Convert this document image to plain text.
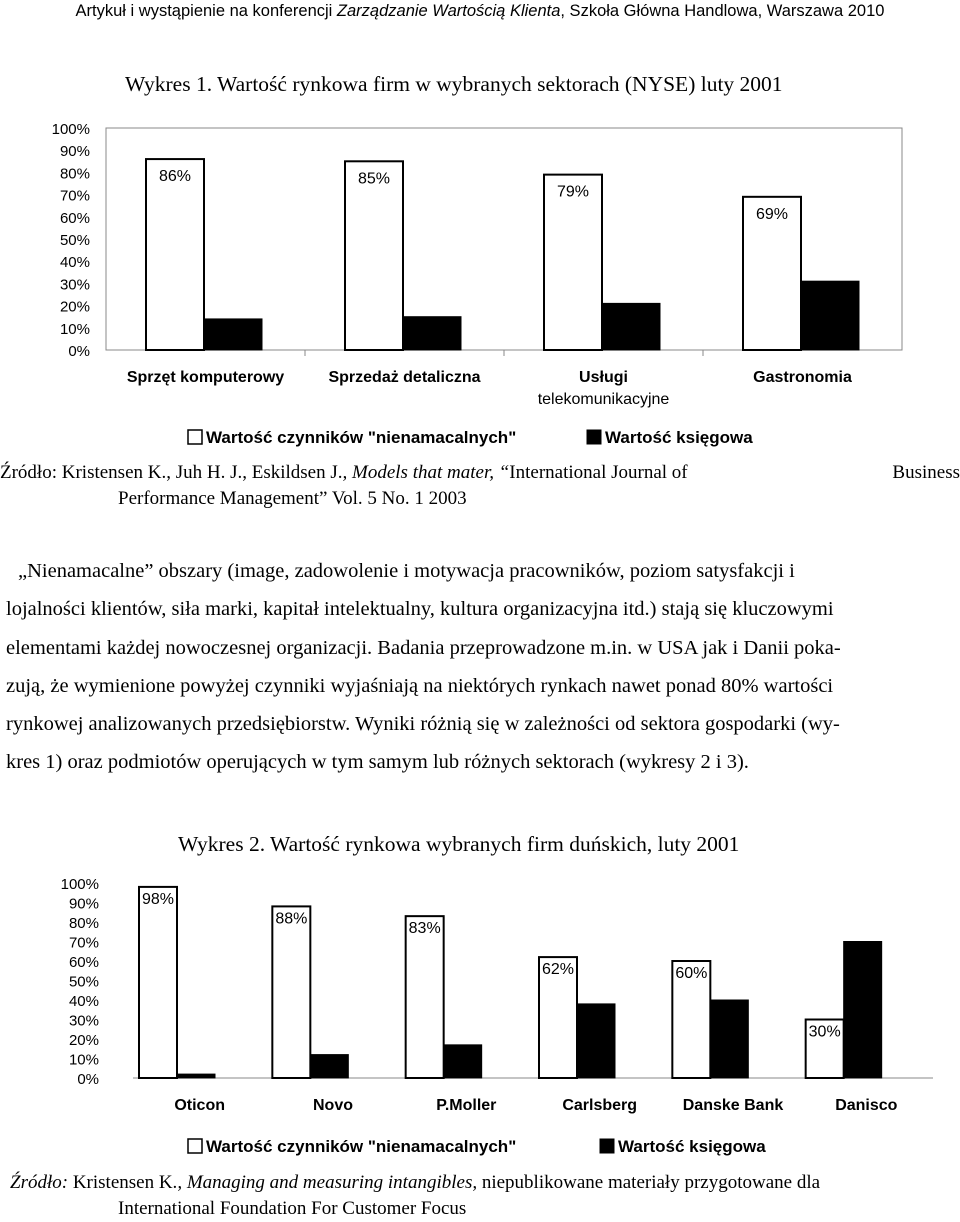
Artykuł i wystąpienie na konferencji Zarządzanie Wartością Klienta, Szkoła Główna Handlowa, Warszawa 2010
Wykres 1. Wartość rynkowa firm w wybranych sektorach (NYSE) luty 2001
0%
10%
20%
30%
40%
50%
60%
70%
80%
90%
100%
86%
Sprzęt komputerowy
85%
Sprzedaż detaliczna
79%
Usługi
telekomunikacyjne
69%
Gastronomia
Wartość czynników "nienamacalnych"	Wartość księgowa
Źródło: Kristensen K., Juh H. J., Eskildsen J., Models that mater, “International Journal of	Business
Performance Management” Vol. 5 No. 1 2003
„Nienamacalne” obszary (image, zadowolenie i motywacja pracowników, poziom satysfakcji i
lojalności klientów, siła marki, kapitał intelektualny, kultura organizacyjna itd.) stają się kluczowymi
elementami każdej nowoczesnej organizacji. Badania przeprowadzone m.in. w USA jak i Danii poka-
zują, że wymienione powyżej czynniki wyjaśniają na niektórych rynkach nawet ponad 80% wartości
rynkowej analizowanych przedsiębiorstw. Wyniki różnią się w zależności od sektora gospodarki (wy-
kres 1) oraz podmiotów operujących w tym samym lub różnych sektorach (wykresy 2 i 3).
Wykres 2. Wartość rynkowa wybranych firm duńskich, luty 2001
0%
10%
20%
30%
40%
50%
60%
70%
80%
90%
100%
98%
Oticon
88%
Novo
83%
P.Moller
62%
Carlsberg
60%
Danske Bank
30%
Danisco
Wartość czynników "nienamacalnych"	Wartość księgowa
Źródło: Kristensen K., Managing and measuring intangibles, niepublikowane materiały przygotowane dla
International Foundation For Customer Focus
